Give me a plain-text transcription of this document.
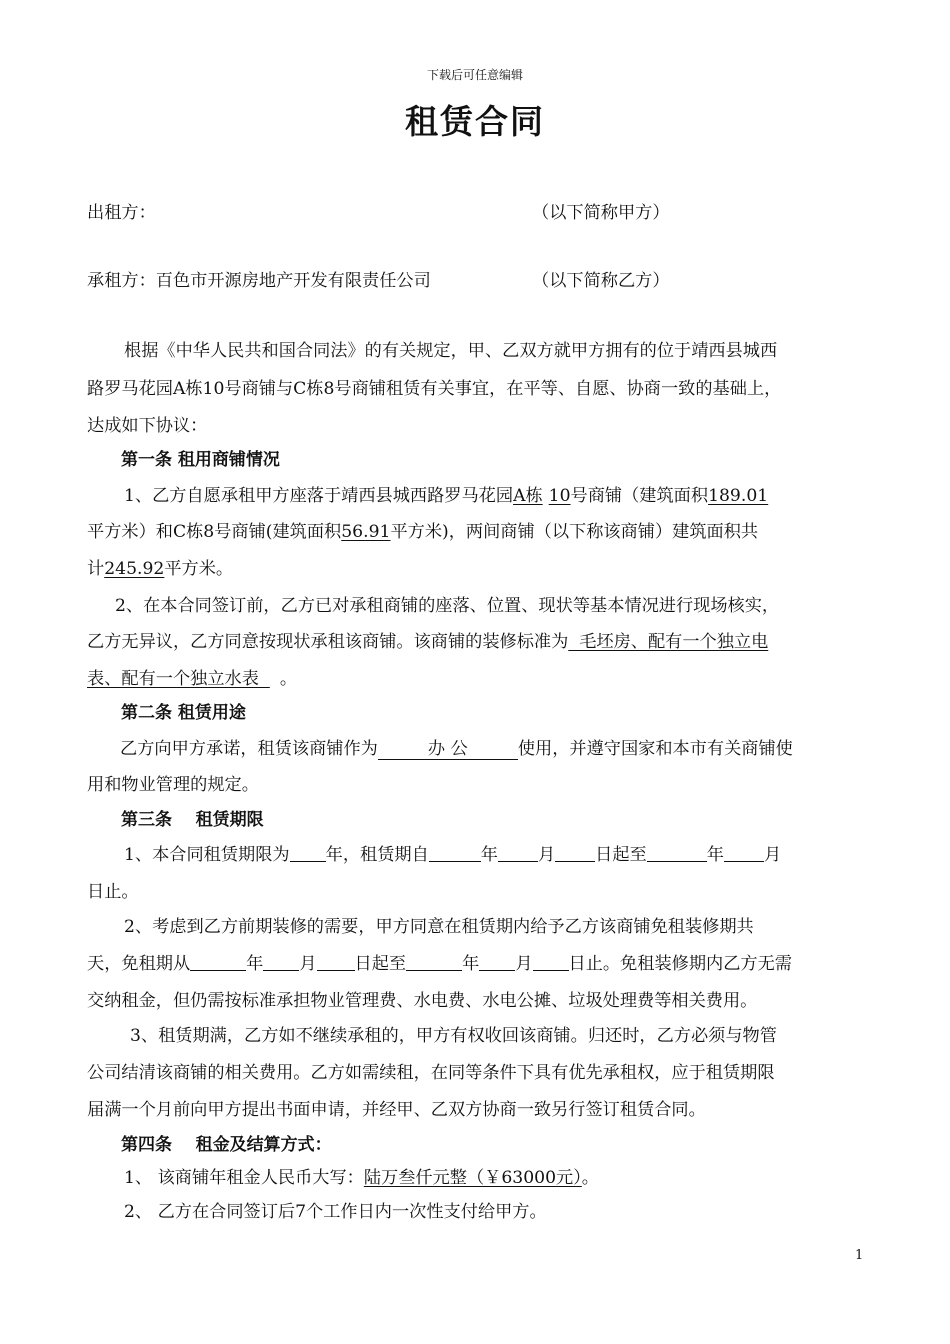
下载后可任意编辑
租赁合同
出租方：	（以下简称甲方）
承租方：百色市开源房地产开发有限责任公司	（以下简称乙方）
根据《中华人民共和国合同法》的有关规定，甲、乙双方就甲方拥有的位于靖西县城西
路罗马花园A栋10号商铺与C栋8号商铺租赁有关事宜，在平等、自愿、协商一致的基础上，
达成如下协议：
第一条 租用商铺情况
1、乙方自愿承租甲方座落于靖西县城西路罗马花园A栋 10号商铺（建筑面积189.01
平方米）和C栋8号商铺(建筑面积56.91平方米)，两间商铺（以下称该商铺）建筑面积共
计245.92平方米。
2、在本合同签订前，乙方已对承租商铺的座落、位置、现状等基本情况进行现场核实，
乙方无异议，乙方同意按现状承租该商铺。该商铺的装修标准为  毛坯房、配有一个独立电
表、配有一个独立水表  。
第二条 租赁用途
乙方向甲方承诺，租赁该商铺作为	办 公	使用，并遵守国家和本市有关商铺使
用和物业管理的规定。
第三条    租赁期限
1、本合同租赁期限为 年，租赁期自	年 月 日起至	年 月
日止。
2、考虑到乙方前期装修的需要，甲方同意在租赁期内给予乙方该商铺免租装修期共
天，免租期从	年 月 日起至	年 月 日止。免租装修期内乙方无需
交纳租金，但仍需按标准承担物业管理费、水电费、水电公摊、垃圾处理费等相关费用。
3、租赁期满，乙方如不继续承租的，甲方有权收回该商铺。归还时，乙方必须与物管
公司结清该商铺的相关费用。乙方如需续租，在同等条件下具有优先承租权，应于租赁期限
届满一个月前向甲方提出书面申请，并经甲、乙双方协商一致另行签订租赁合同。
第四条    租金及结算方式：
1、 该商铺年租金人民币大写：陆万叁仟元整（￥63000元）。
2、 乙方在合同签订后7个工作日内一次性支付给甲方。
1
